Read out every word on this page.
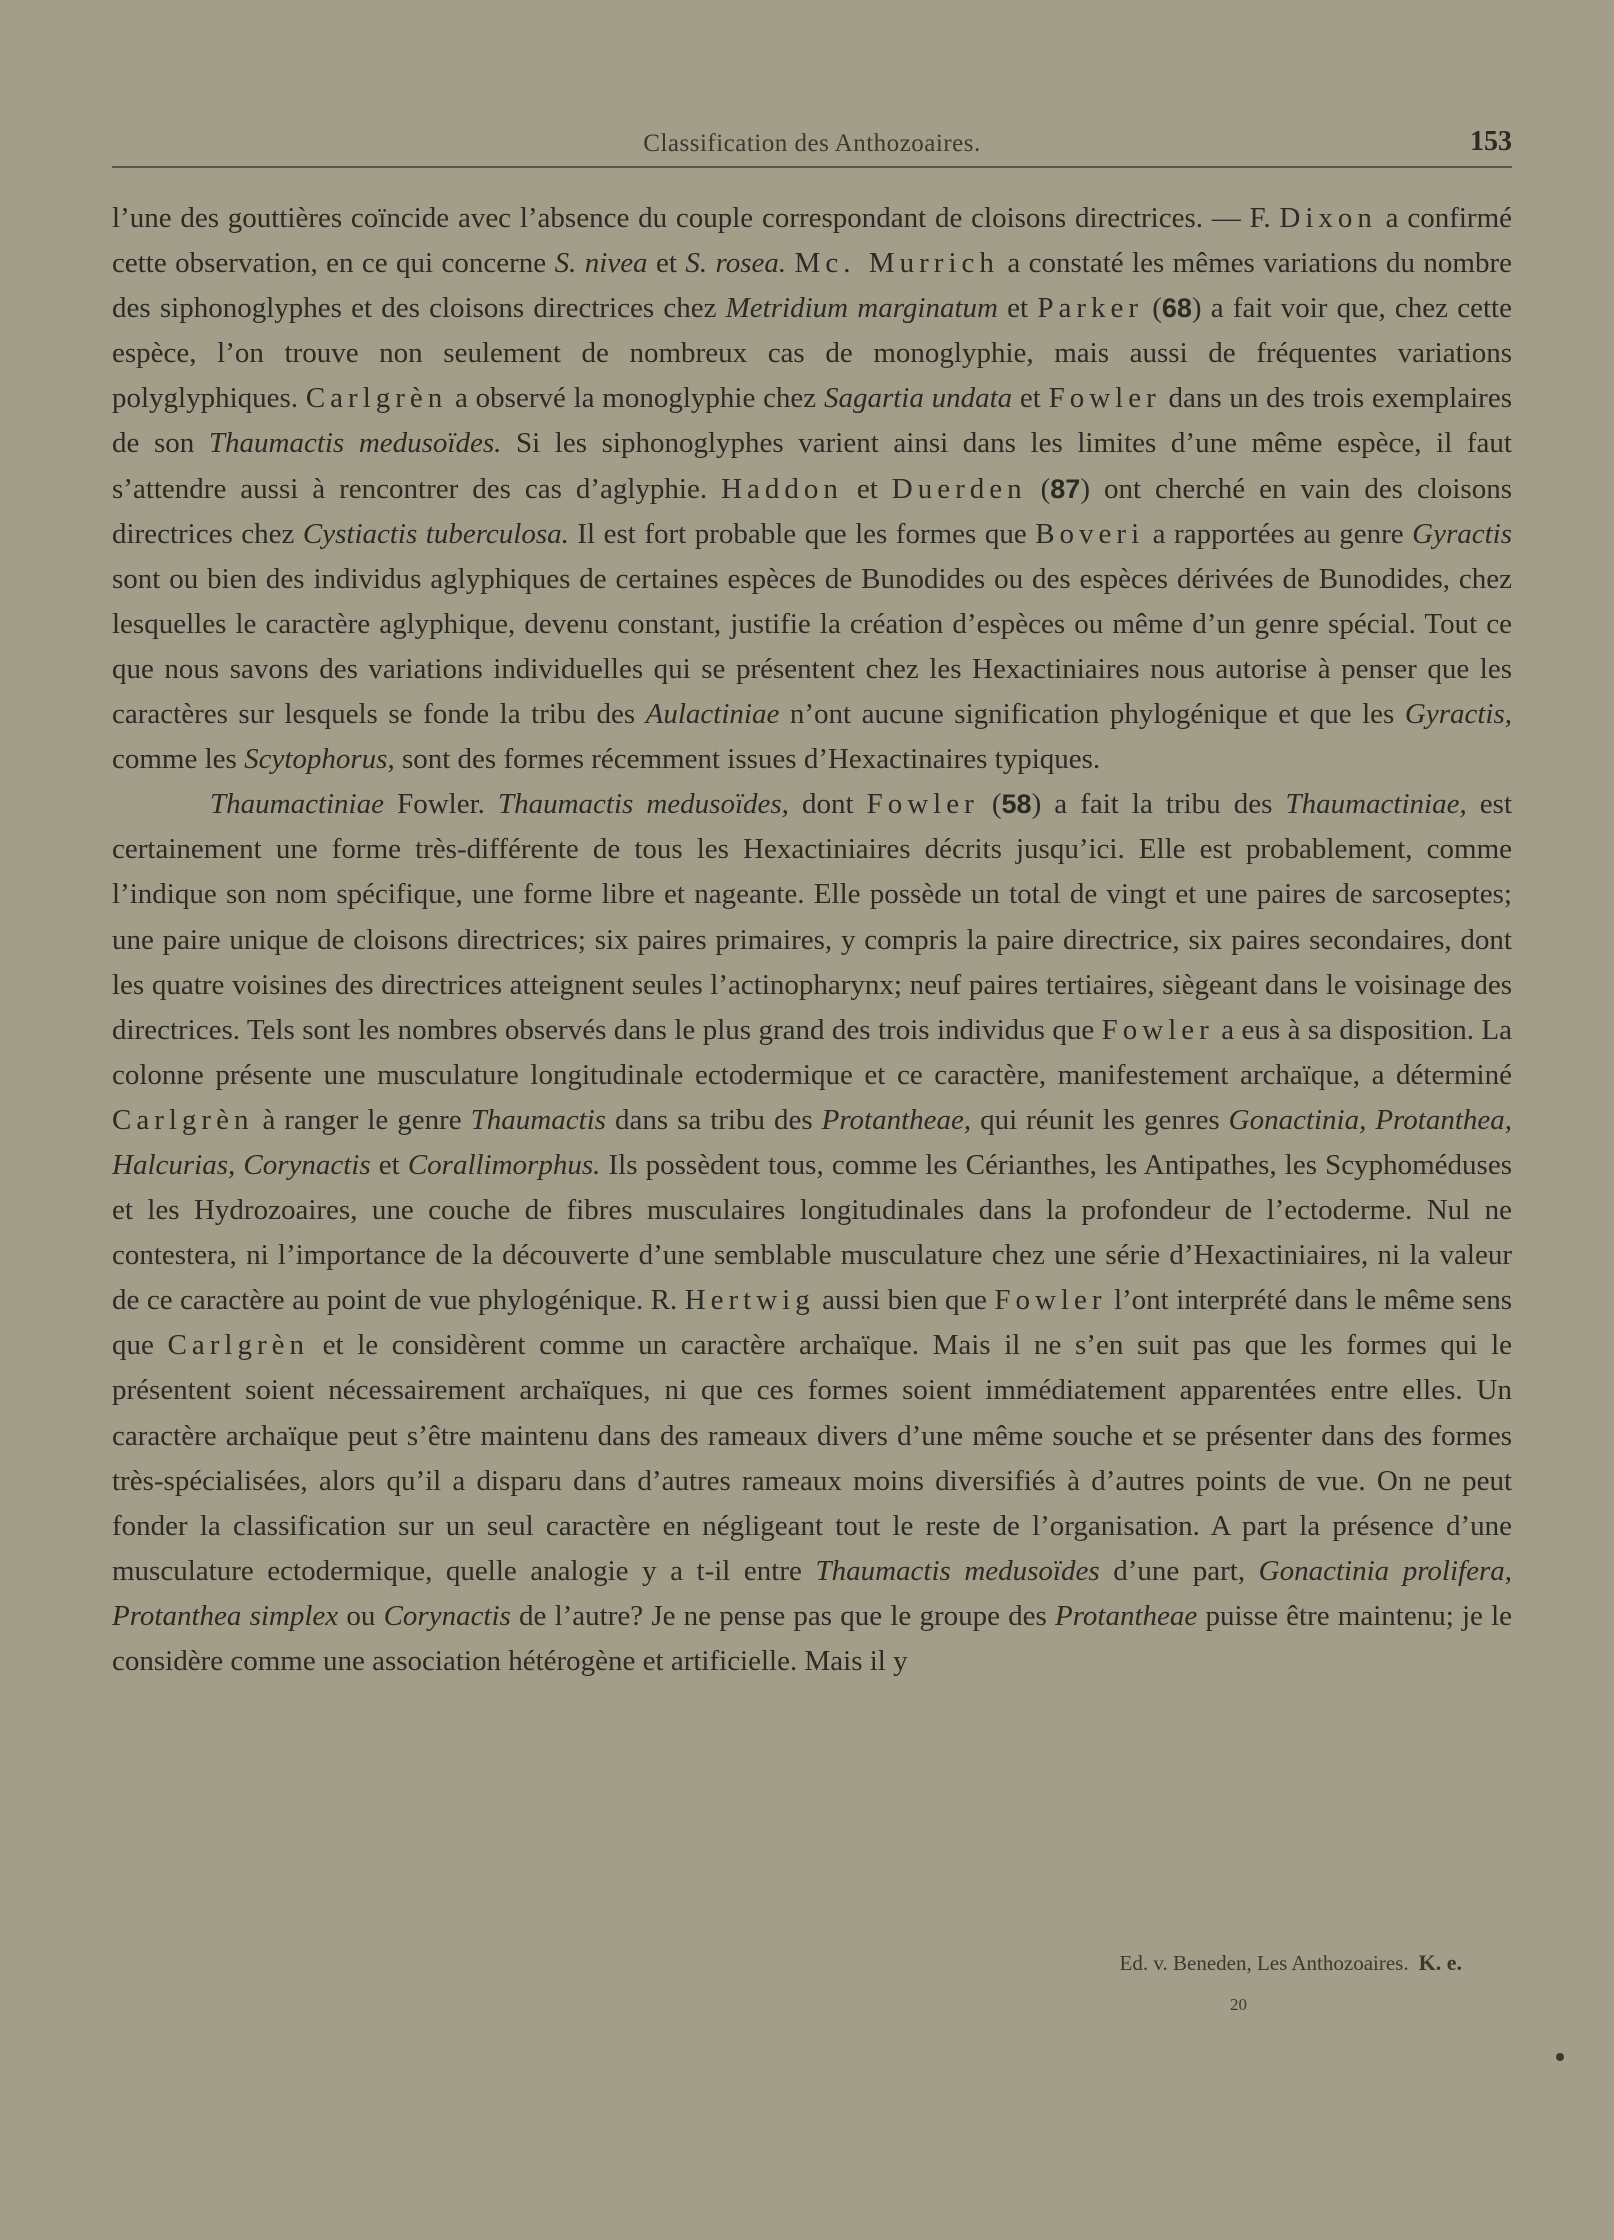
Classification des Anthozoaires.	153

l’une des gouttières coïncide avec l’absence du couple correspondant de cloisons directrices. — F. Dixon a confirmé cette observation, en ce qui concerne S. nivea et S. rosea. Mc. Murrich a constaté les mêmes variations du nombre des siphonoglyphes et des cloisons directrices chez Metridium marginatum et Parker (68) a fait voir que, chez cette espèce, l’on trouve non seulement de nombreux cas de monoglyphie, mais aussi de fréquentes variations polyglyphiques. Carlgrèn a observé la monoglyphie chez Sagartia undata et Fowler dans un des trois exemplaires de son Thaumactis medusoïdes. Si les siphonoglyphes varient ainsi dans les limites d’une même espèce, il faut s’attendre aussi à rencontrer des cas d’aglyphie. Haddon et Duerden (87) ont cherché en vain des cloisons directrices chez Cystiactis tuberculosa. Il est fort probable que les formes que Boveri a rapportées au genre Gyractis sont ou bien des individus aglyphiques de certaines espèces de Bunodides ou des espèces dérivées de Bunodides, chez lesquelles le caractère aglyphique, devenu constant, justifie la création d’espèces ou même d’un genre spécial. Tout ce que nous savons des variations individuelles qui se présentent chez les Hexactiniaires nous autorise à penser que les caractères sur lesquels se fonde la tribu des Aulactiniae n’ont aucune signification phylogénique et que les Gyractis, comme les Scytophorus, sont des formes récemment issues d’Hexactinaires typiques.

Thaumactiniae Fowler. Thaumactis medusoïdes, dont Fowler (58) a fait la tribu des Thaumactiniae, est certainement une forme très-différente de tous les Hexactiniaires décrits jusqu’ici. Elle est probablement, comme l’indique son nom spécifique, une forme libre et nageante. Elle possède un total de vingt et une paires de sarcoseptes; une paire unique de cloisons directrices; six paires primaires, y compris la paire directrice, six paires secondaires, dont les quatre voisines des directrices atteignent seules l’actinopharynx; neuf paires tertiaires, siègeant dans le voisinage des directrices. Tels sont les nombres observés dans le plus grand des trois individus que Fowler a eus à sa disposition. La colonne présente une musculature longitudinale ectodermique et ce caractère, manifestement archaïque, a déterminé Carlgrèn à ranger le genre Thaumactis dans sa tribu des Protantheae, qui réunit les genres Gonactinia, Protanthea, Halcurias, Corynactis et Corallimorphus. Ils possèdent tous, comme les Cérianthes, les Antipathes, les Scyphoméduses et les Hydrozoaires, une couche de fibres musculaires longitudinales dans la profondeur de l’ectoderme. Nul ne contestera, ni l’importance de la découverte d’une semblable musculature chez une série d’Hexactiniaires, ni la valeur de ce caractère au point de vue phylogénique. R. Hertwig aussi bien que Fowler l’ont interprété dans le même sens que Carlgrèn et le considèrent comme un caractère archaïque. Mais il ne s’en suit pas que les formes qui le présentent soient nécessairement archaïques, ni que ces formes soient immédiatement apparentées entre elles. Un caractère archaïque peut s’être maintenu dans des rameaux divers d’une même souche et se présenter dans des formes très-spécialisées, alors qu’il a disparu dans d’autres rameaux moins diversifiés à d’autres points de vue. On ne peut fonder la classification sur un seul caractère en négligeant tout le reste de l’organisation. A part la présence d’une musculature ectodermique, quelle analogie y a t-il entre Thaumactis medusoïdes d’une part, Gonactinia prolifera, Protanthea simplex ou Corynactis de l’autre? Je ne pense pas que le groupe des Protantheae puisse être maintenu; je le considère comme une association hétérogène et artificielle. Mais il y

Ed. v. Beneden, Les Anthozoaires. K. e.
20
